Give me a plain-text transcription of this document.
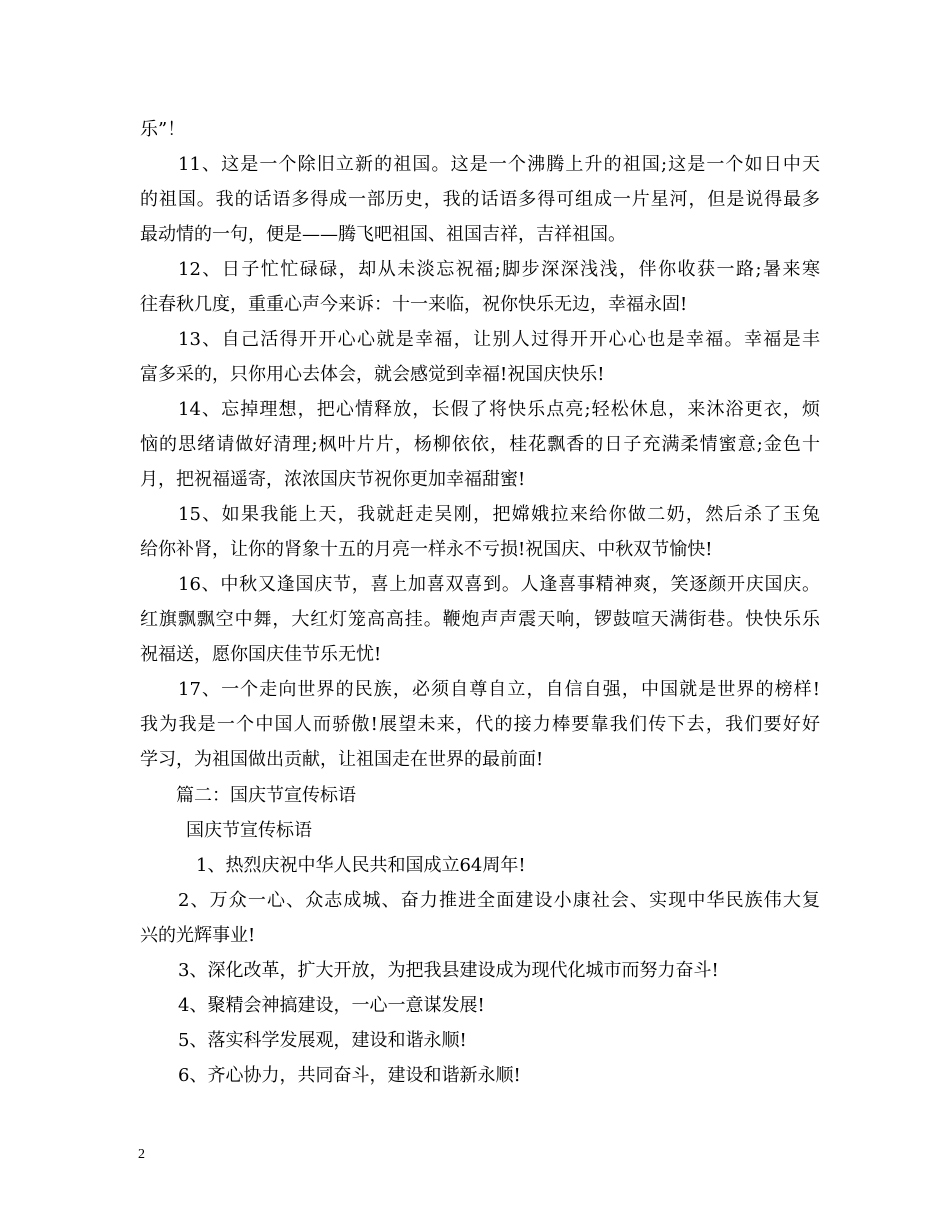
乐”！
11、这是一个除旧立新的祖国。这是一个沸腾上升的祖国;这是一个如日中天
的祖国。我的话语多得成一部历史，我的话语多得可组成一片星河，但是说得最多
最动情的一句，便是——腾飞吧祖国、祖国吉祥，吉祥祖国。
12、日子忙忙碌碌，却从未淡忘祝福;脚步深深浅浅，伴你收获一路;暑来寒
往春秋几度，重重心声今来诉：十一来临，祝你快乐无边，幸福永固!
13、自己活得开开心心就是幸福，让别人过得开开心心也是幸福。幸福是丰
富多采的，只你用心去体会，就会感觉到幸福!祝国庆快乐!
14、忘掉理想，把心情释放，长假了将快乐点亮;轻松休息，来沐浴更衣，烦
恼的思绪请做好清理;枫叶片片，杨柳依依，桂花飘香的日子充满柔情蜜意;金色十
月，把祝福遥寄，浓浓国庆节祝你更加幸福甜蜜!
15、如果我能上天，我就赶走吴刚，把嫦娥拉来给你做二奶，然后杀了玉兔
给你补肾，让你的肾象十五的月亮一样永不亏损!祝国庆、中秋双节愉快!
16、中秋又逢国庆节，喜上加喜双喜到。人逢喜事精神爽，笑逐颜开庆国庆。
红旗飘飘空中舞，大红灯笼高高挂。鞭炮声声震天响，锣鼓喧天满街巷。快快乐乐
祝福送，愿你国庆佳节乐无忧!
17、一个走向世界的民族，必须自尊自立，自信自强，中国就是世界的榜样!
我为我是一个中国人而骄傲!展望未来，代的接力棒要靠我们传下去，我们要好好
学习，为祖国做出贡献，让祖国走在世界的最前面!
篇二：国庆节宣传标语
国庆节宣传标语
1、热烈庆祝中华人民共和国成立64周年!
2、万众一心、众志成城、奋力推进全面建设小康社会、实现中华民族伟大复
兴的光辉事业!
3、深化改革，扩大开放，为把我县建设成为现代化城市而努力奋斗!
4、聚精会神搞建设，一心一意谋发展!
5、落实科学发展观，建设和谐永顺!
6、齐心协力，共同奋斗，建设和谐新永顺!
2
